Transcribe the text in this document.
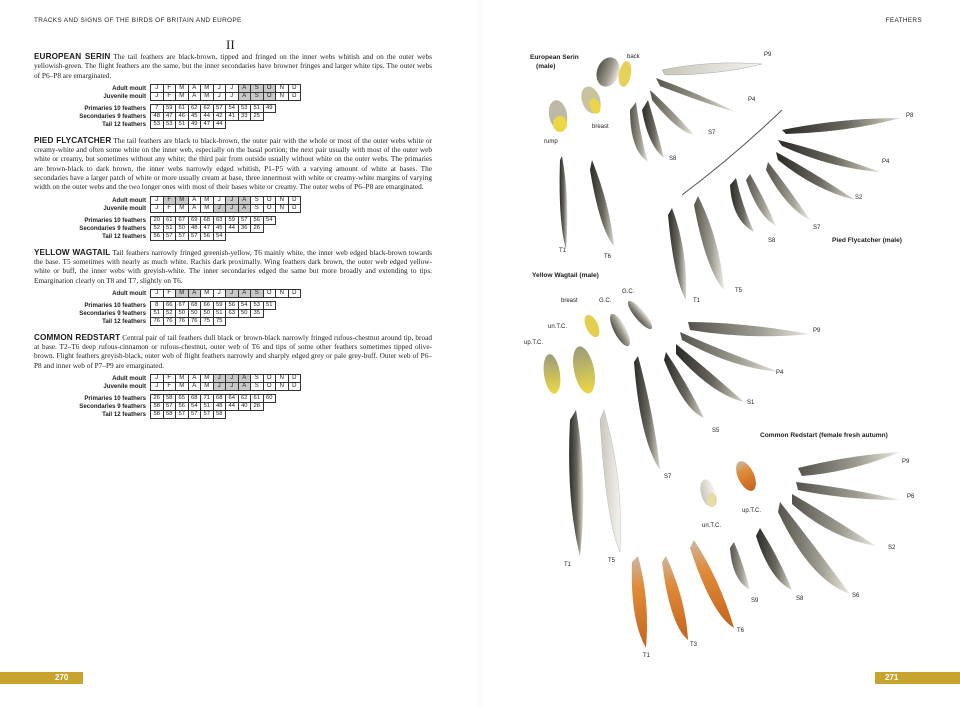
TRACKS AND SIGNS OF THE BIRDS OF BRITAIN AND EUROPE
II

EUROPEAN SERIN The tail feathers are black-brown, tipped and fringed on the inner webs whitish and on the outer webs yellowish-green. The flight feathers are the same, but the inner secondaries have browner fringes and larger white tips. The outer webs of P6–P8 are emarginated.

Adult moult	J	F	M	A	M	J	J	A	S	O	N	D
Juvenile moult	J	F	M	A	M	J	J	A	S	O	N	D
Primaries 10 feathers	7	59	61	62	62	57	54	53	51	49
Secondaries 9 feathers	48	47	46	45	44	42	41	33	25	
Tail 12 feathers	53	53	51	49	47	44				

PIED FLYCATCHER The tail feathers are black to black-brown, the outer pair with the whole or most of the outer webs white or creamy-white and often some white on the inner web, especially on the basal portion; the next pair usually with most of the outer web white or creamy, but sometimes without any white; the third pair from outside usually without white on the outer webs. The primaries are brown-black to dark brown, the inner webs narrowly edged whitish, P1–P5 with a varying amount of white at bases. The secondaries have a larger patch of white or more usually cream at base, three innermost with white or creamy-white margins of varying width on the outer webs and the two longer ones with most of their bases white or creamy. The outer webs of P6–P8 are emarginated.

Adult moult	J	F	M	A	M	J	J	A	S	O	N	D
Juvenile moult	J	F	M	A	M	J	J	A	S	O	N	D
Primaries 10 feathers	20	61	67	69	68	63	59	57	56	54
Secondaries 9 feathers	52	51	50	48	47	45	44	36	26	
Tail 12 feathers	56	57	57	57	56	54				

YELLOW WAGTAIL Tail feathers narrowly fringed greenish-yellow, T6 mainly white, the inner web edged black-brown towards the base. T5 sometimes with nearly as much white. Rachis dark proximally. Wing feathers dark brown, the outer web edged yellow-white or buff, the inner webs with greyish-white. The inner secondaries edged the same but more broadly and extending to tips. Emargination clearly on T8 and T7, slightly on T6.

Adult moult	J	F	M	A	M	J	J	A	S	O	N	D
Primaries 10 feathers	8	66	67	68	66	59	56	54	53	51
Secondaries 9 feathers	51	52	50	50	50	51	63	50	35	
Tail 12 feathers	76	76	76	76	75	75				

COMMON REDSTART Central pair of tail feathers dull black or brown-black narrowly fringed rufous-chestnut around tip, broad at base. T2–T6 deep rufous-cinnamon or rufous-chestnut, outer web of T6 and tips of some other feathers sometimes tipped olive-brown. Flight feathers greyish-black, outer web of flight feathers narrowly and sharply edged grey or pale grey-buff. Outer web of P6–P8 and inner web of P7–P9 are emarginated.

Adult moult	J	F	M	A	M	J	J	A	S	O	N	D
Juvenile moult	J	F	M	A	M	J	J	A	S	O	N	D
Primaries 10 feathers	26	58	65	68	71	68	64	62	61	60
Secondaries 9 feathers	58	57	56	54	51	48	44	40	28	
Tail 12 feathers	58	58	57	57	57	58				
270
FEATHERS
European Serin
(male)
back
breast
rump
P9
P4
S7
S8
T1
T6
Pied Flycatcher (male)
P8
P4
S2
S7
S8
T1
T5
Yellow Wagtail (male)
breast	G.C.
G.C.
un.T.C.
up.T.C.
P9
P4
S1
S5
S7
T1
T5
Common Redstart (female fresh autumn)
up.T.C.
un.T.C.
P9
P6
S2
S6
S8
S9
T1
T3
T6
271
